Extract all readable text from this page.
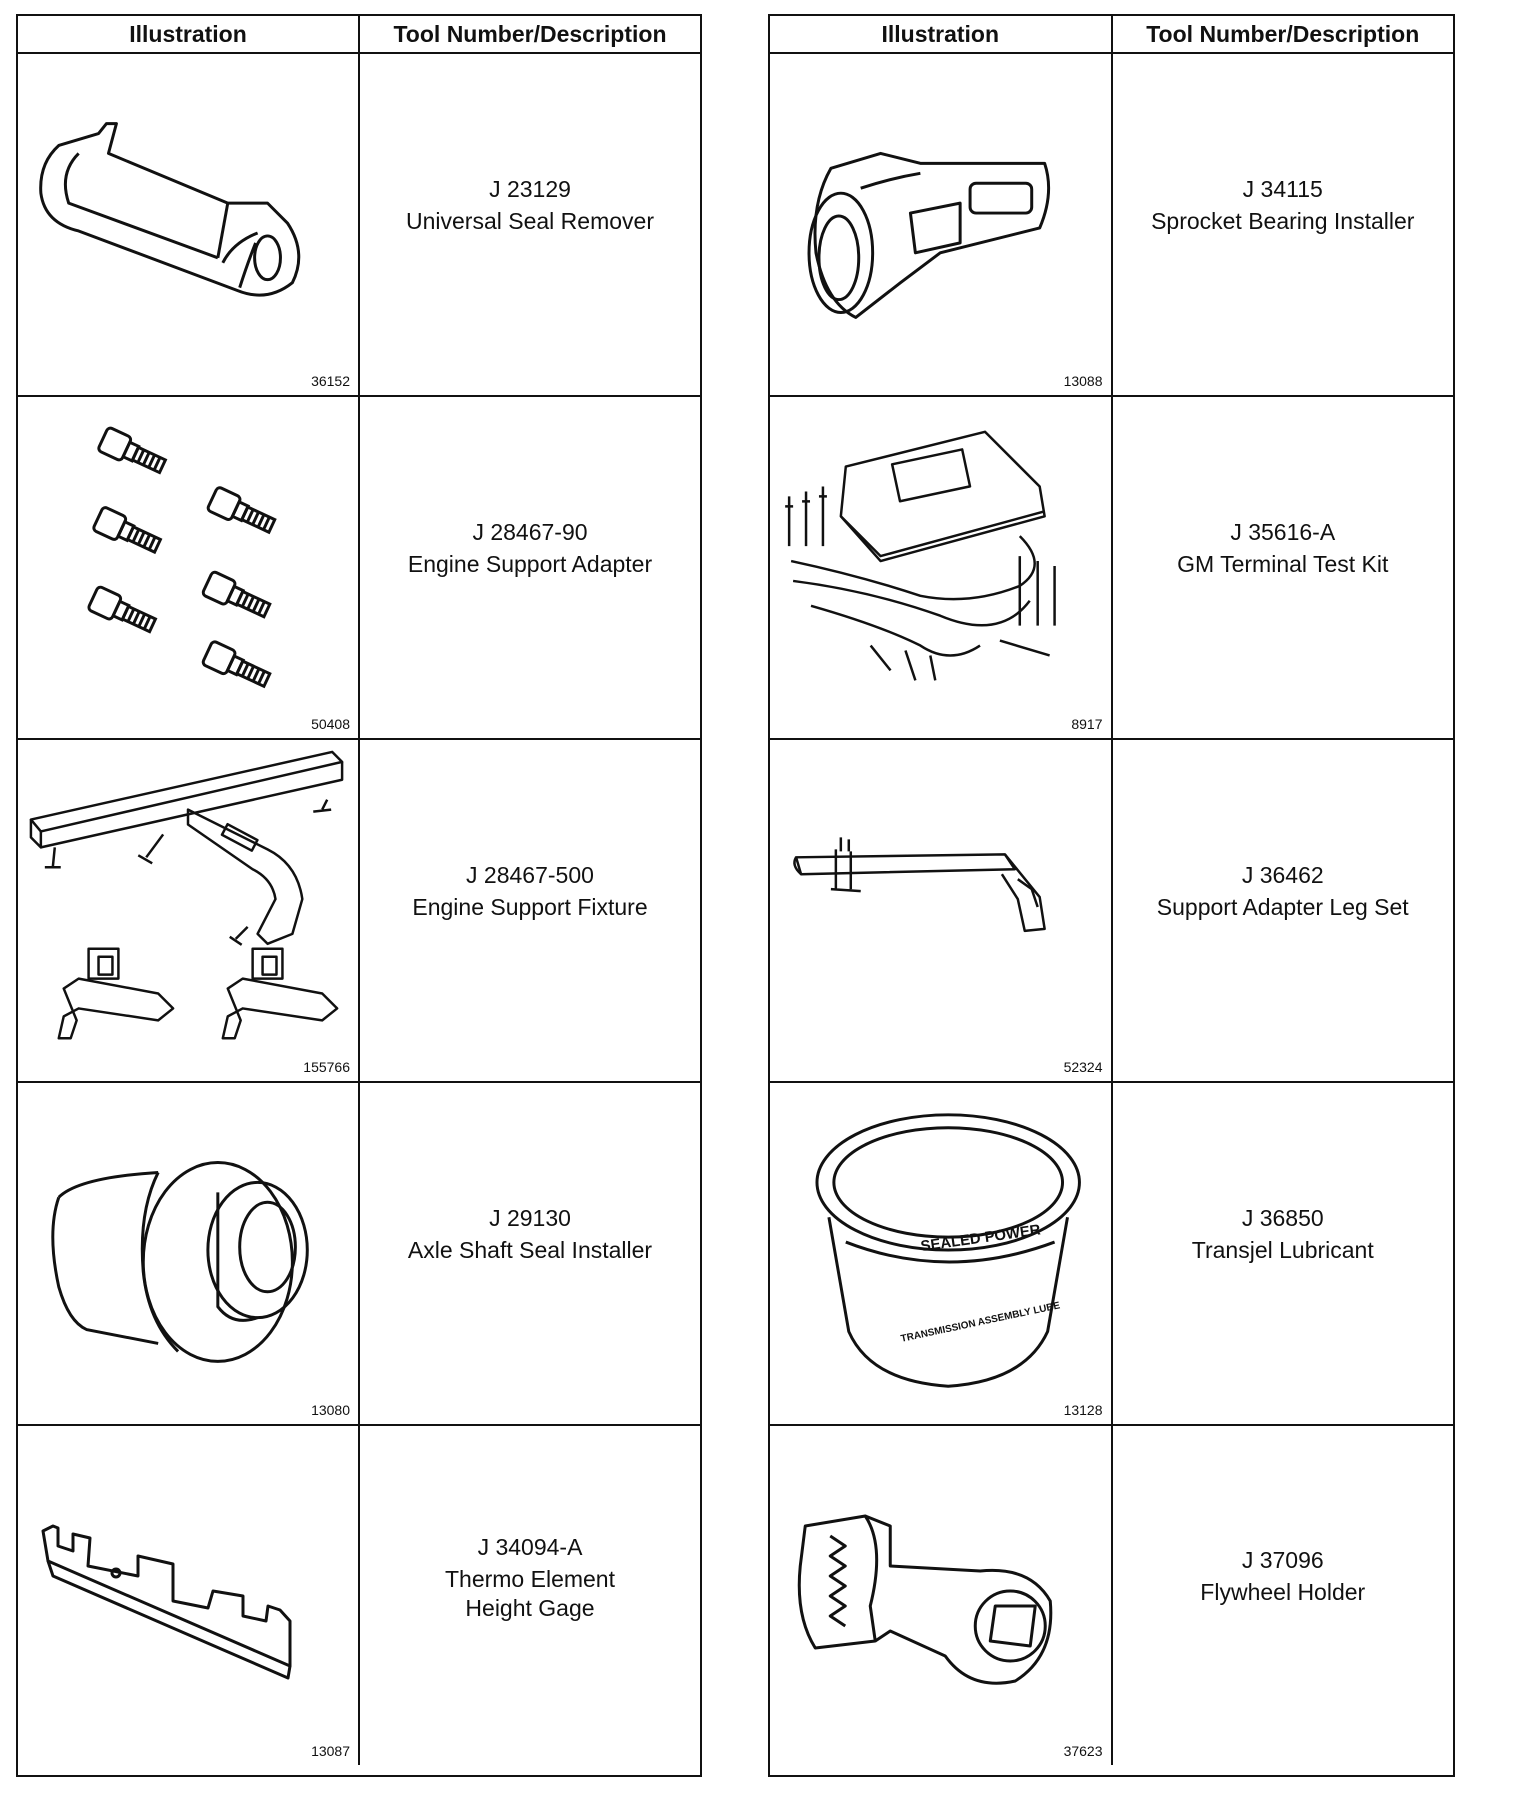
Illustration	Tool Number/Description
36152
J 23129
Universal Seal Remover
50408
J 28467-90
Engine Support Adapter
155766
J 28467-500
Engine Support Fixture
13080
J 29130
Axle Shaft Seal Installer
13087
J 34094-A
Thermo Element
Height Gage
Illustration	Tool Number/Description
13088
J 34115
Sprocket Bearing Installer
8917
J 35616-A
GM Terminal Test Kit
52324
J 36462
Support Adapter Leg Set
SEALED POWER
TRANSMISSION ASSEMBLY LUBE
13128
J 36850
Transjel Lubricant
37623
J 37096
Flywheel Holder
